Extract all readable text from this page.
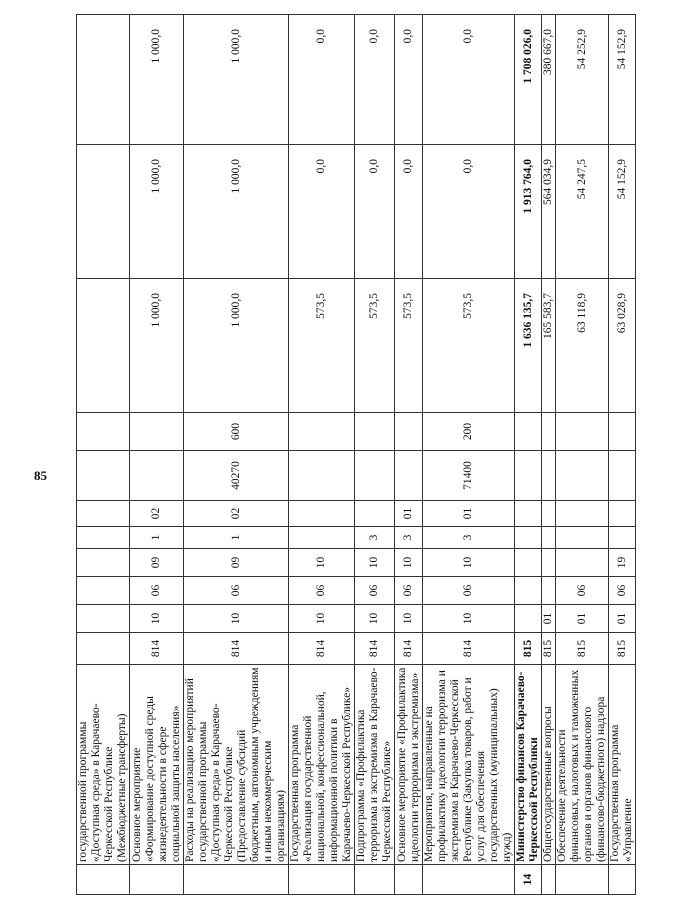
85
	государственной программы «Доступная среда» в Карачаево-Черкесской Республике (Межбюджетные трансферты)												
	Основное мероприятие «Формирование доступной среды жизнедеятельности в сфере социальной защиты населения»	814	10	06	09	1	02				1 000,0	1 000,0	1 000,0
	Расходы на реализацию мероприятий государственной программы «Доступная среда» в Карачаево-Черкесской Республике (Предоставление субсидий бюджетным, автономным учреждениям и иным некоммерческим организациям)	814	10	06	09	1	02	40270		600	1 000,0	1 000,0	1 000,0
	Государственная программа «Реализация государственной национальной, конфессиональной, информационной политики в Карачаево-Черкесской Республике»	814	10	06	10						573,5	0,0	0,0
	Подпрограмма «Профилактика терроризма и экстремизма в Карачаево-Черкесской Республике»	814	10	06	10	3					573,5	0,0	0,0
	Основное мероприятие «Профилактика идеологии терроризма и экстремизма»	814	10	06	10	3	01				573,5	0,0	0,0
	Мероприятия, направленные на профилактику идеологии терроризма и экстремизма в Карачаево-Черкесской Республике (Закупка товаров, работ и услуг для обеспечения государственных (муниципальных) нужд)	814	10	06	10	3	01	71400		200	573,5	0,0	0,0
14	Министерство финансов Карачаево-Черкесской Республики	815									1 636 135,7	1 913 764,0	1 708 026,0
	Общегосударственные вопросы	815	01								165 583,7	564 034,9	380 667,0
	Обеспечение деятельности финансовых, налоговых и таможенных органов и органов финансового (финансово-бюджетного) надзора	815	01	06							63 118,9	54 247,5	54 252,9
	Государственная программа «Управление	815	01	06	19						63 028,9	54 152,9	54 152,9
